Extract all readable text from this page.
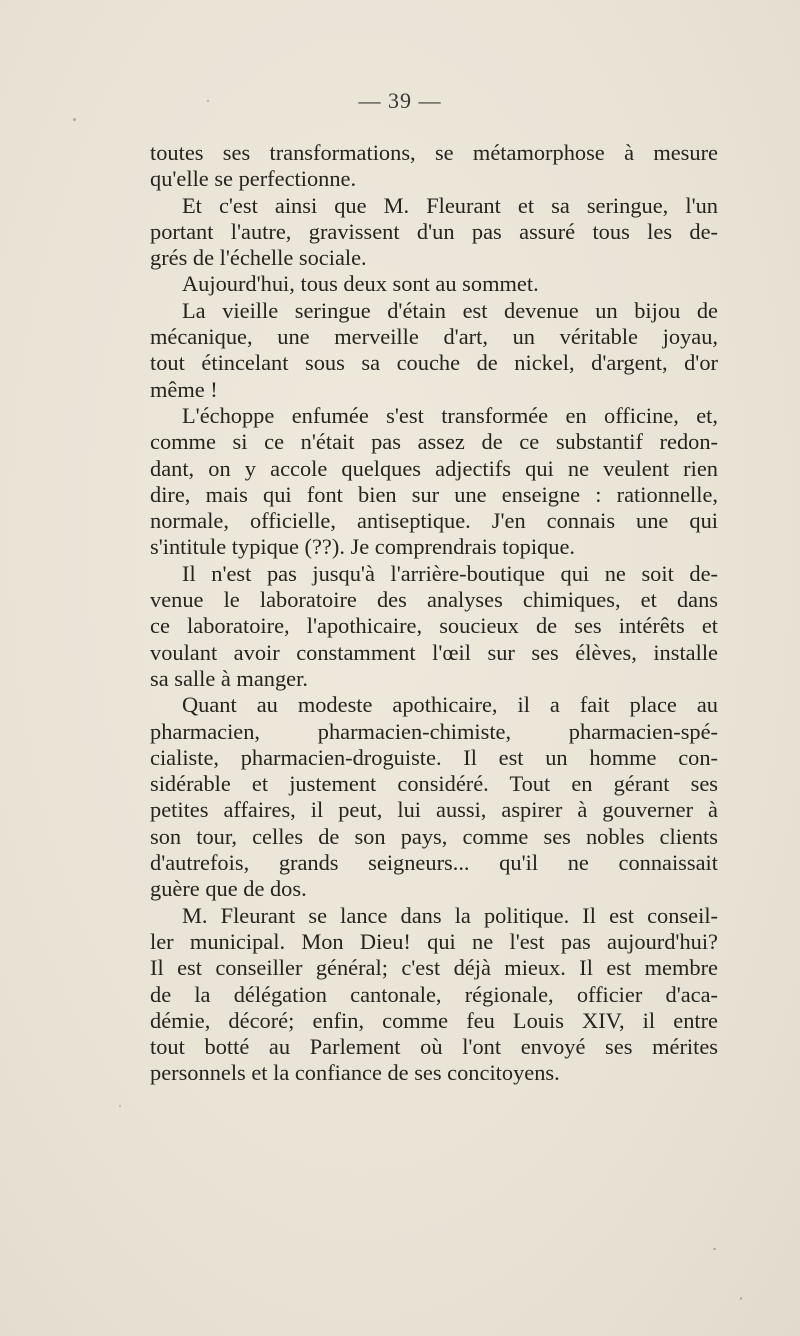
— 39 —
toutes ses transformations, se métamorphose à mesure
qu'elle se perfectionne.
Et c'est ainsi que M. Fleurant et sa seringue, l'un
portant l'autre, gravissent d'un pas assuré tous les de-
grés de l'échelle sociale.
Aujourd'hui, tous deux sont au sommet.
La vieille seringue d'étain est devenue un bijou de
mécanique, une merveille d'art, un véritable joyau,
tout étincelant sous sa couche de nickel, d'argent, d'or
même !
L'échoppe enfumée s'est transformée en officine, et,
comme si ce n'était pas assez de ce substantif redon-
dant, on y accole quelques adjectifs qui ne veulent rien
dire, mais qui font bien sur une enseigne : rationnelle,
normale, officielle, antiseptique. J'en connais une qui
s'intitule typique (??). Je comprendrais topique.
Il n'est pas jusqu'à l'arrière-boutique qui ne soit de-
venue le laboratoire des analyses chimiques, et dans
ce laboratoire, l'apothicaire, soucieux de ses intérêts et
voulant avoir constamment l'œil sur ses élèves, installe
sa salle à manger.
Quant au modeste apothicaire, il a fait place au
pharmacien, pharmacien-chimiste, pharmacien-spé-
cialiste, pharmacien-droguiste. Il est un homme con-
sidérable et justement considéré. Tout en gérant ses
petites affaires, il peut, lui aussi, aspirer à gouverner à
son tour, celles de son pays, comme ses nobles clients
d'autrefois, grands seigneurs... qu'il ne connaissait
guère que de dos.
M. Fleurant se lance dans la politique. Il est conseil-
ler municipal. Mon Dieu! qui ne l'est pas aujourd'hui?
Il est conseiller général; c'est déjà mieux. Il est membre
de la délégation cantonale, régionale, officier d'aca-
démie, décoré; enfin, comme feu Louis XIV, il entre
tout botté au Parlement où l'ont envoyé ses mérites
personnels et la confiance de ses concitoyens.
